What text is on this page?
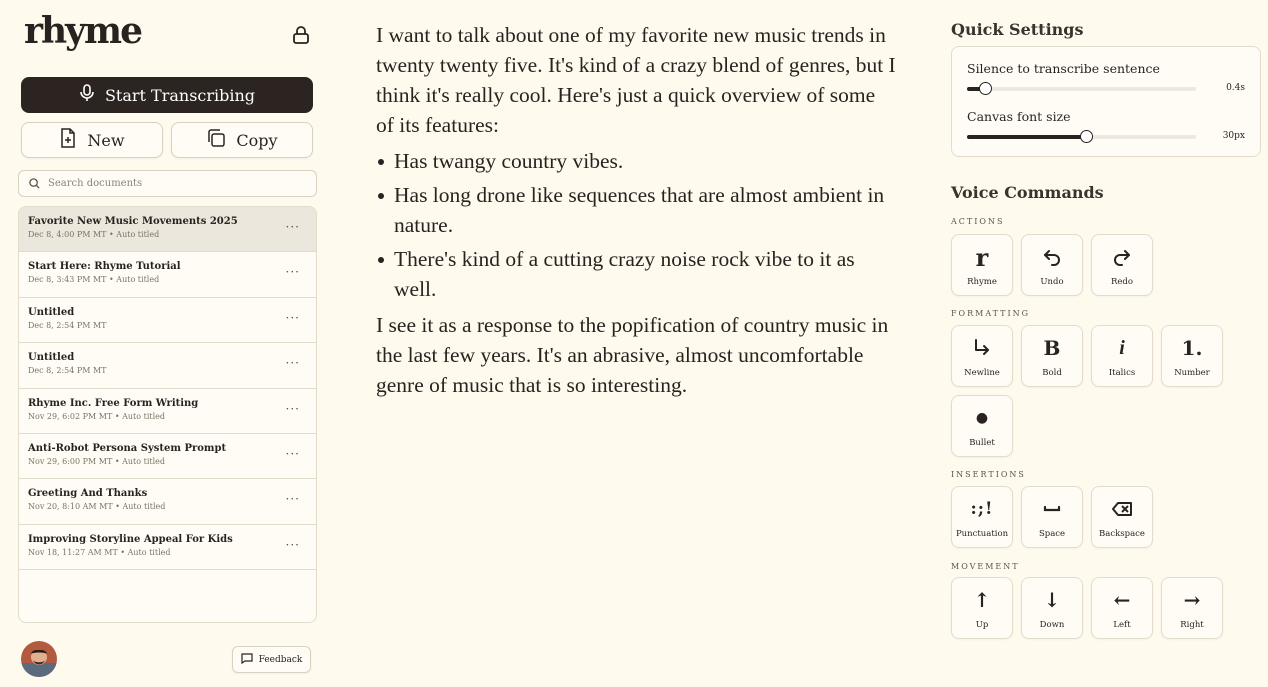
rhyme
Start Transcribing
New	Copy
Search documents
Favorite New Music Movements 2025
Dec 8, 4:00 PM MT • Auto titled
···
Start Here: Rhyme Tutorial
Dec 8, 3:43 PM MT • Auto titled
···
Untitled
Dec 8, 2:54 PM MT
···
Untitled
Dec 8, 2:54 PM MT
···
Rhyme Inc. Free Form Writing
Nov 29, 6:02 PM MT • Auto titled
···
Anti-Robot Persona System Prompt
Nov 29, 6:00 PM MT • Auto titled
···
Greeting And Thanks
Nov 20, 8:10 AM MT • Auto titled
···
Improving Storyline Appeal For Kids
Nov 18, 11:27 AM MT • Auto titled
···
Feedback

I want to talk about one of my favorite new music trends in twenty twenty five. It's kind of a crazy blend of genres, but I think it's really cool. Here's just a quick overview of some of its features:

Has twangy country vibes.
Has long drone like sequences that are almost ambient in nature.
There's kind of a cutting crazy noise rock vibe to it as well.

I see it as a response to the popification of country music in the last few years. It's an abrasive, almost uncomfortable genre of music that is so interesting.

Quick Settings
Silence to transcribe sentence
0.4s
Canvas font size
30px
Voice Commands
ACTIONS
FORMATTING
INSERTIONS
MOVEMENT
r
Rhyme	Undo	Redo
Newline
B
Bold
i
Italics
1.
Number
●
Bullet
:;!
Punctuation	Space	Backspace
↑
Up
↓
Down
←
Left
→
Right
